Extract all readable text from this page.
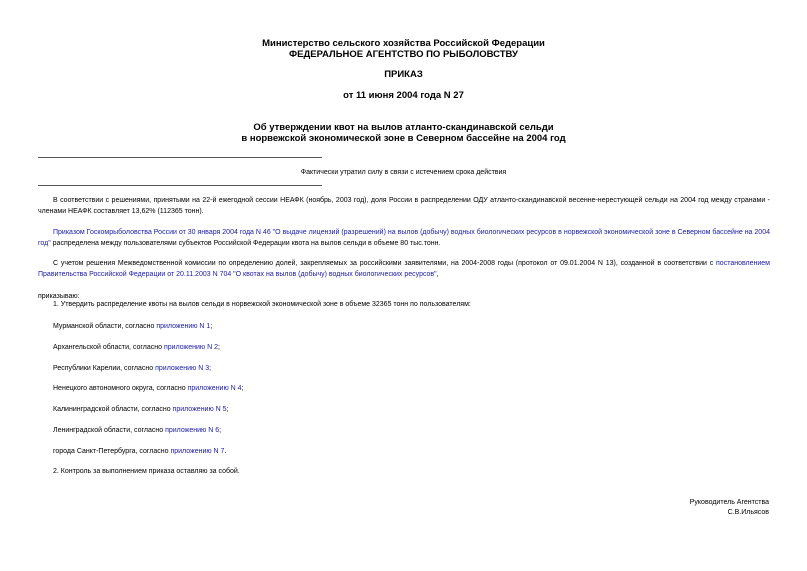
Министерство сельского хозяйства Российской Федерации
ФЕДЕРАЛЬНОЕ АГЕНТСТВО ПО РЫБОЛОВСТВУ
ПРИКАЗ
от 11 июня 2004 года N 27
Об утверждении квот на вылов атланто-скандинавской сельди
в норвежской экономической зоне в Северном бассейне на 2004 год
Фактически утратил силу в связи с истечением срока действия
В соответствии с решениями, принятыми на 22-й ежегодной сессии НЕАФК (ноябрь, 2003 год), доля России в распределении ОДУ атланто-скандинавской весенне-нерестующей сельди на 2004 год между странами - членами НЕАФК составляет 13,62% (112365 тонн).
Приказом Госкомрыболовства России от 30 января 2004 года N 46 "О выдаче лицензий (разрешений) на вылов (добычу) водных биологических ресурсов в норвежской экономической зоне в Северном бассейне на 2004 год" распределена между пользователями субъектов Российской Федерации квота на вылов сельди в объеме 80 тыс.тонн.
С учетом решения Межведомственной комиссии по определению долей, закрепляемых за российскими заявителями, на 2004-2008 годы (протокол от 09.01.2004 N 13), созданной в соответствии с постановлением Правительства Российской Федерации от 20.11.2003 N 704 "О квотах на вылов (добычу) водных биологических ресурсов",
приказываю:
1. Утвердить распределение квоты на вылов сельди в норвежской экономической зоне в объеме 32365 тонн по пользователям:
Мурманской области, согласно приложению N 1;
Архангельской области, согласно приложению N 2;
Республики Карелии, согласно приложению N 3;
Ненецкого автономного округа, согласно приложению N 4;
Калининградской области, согласно приложению N 5;
Ленинградской области, согласно приложению N 6;
города Санкт-Петербурга, согласно приложению N 7.
2. Контроль за выполнением приказа оставляю за собой.
Руководитель Агентства
С.В.Ильясов
